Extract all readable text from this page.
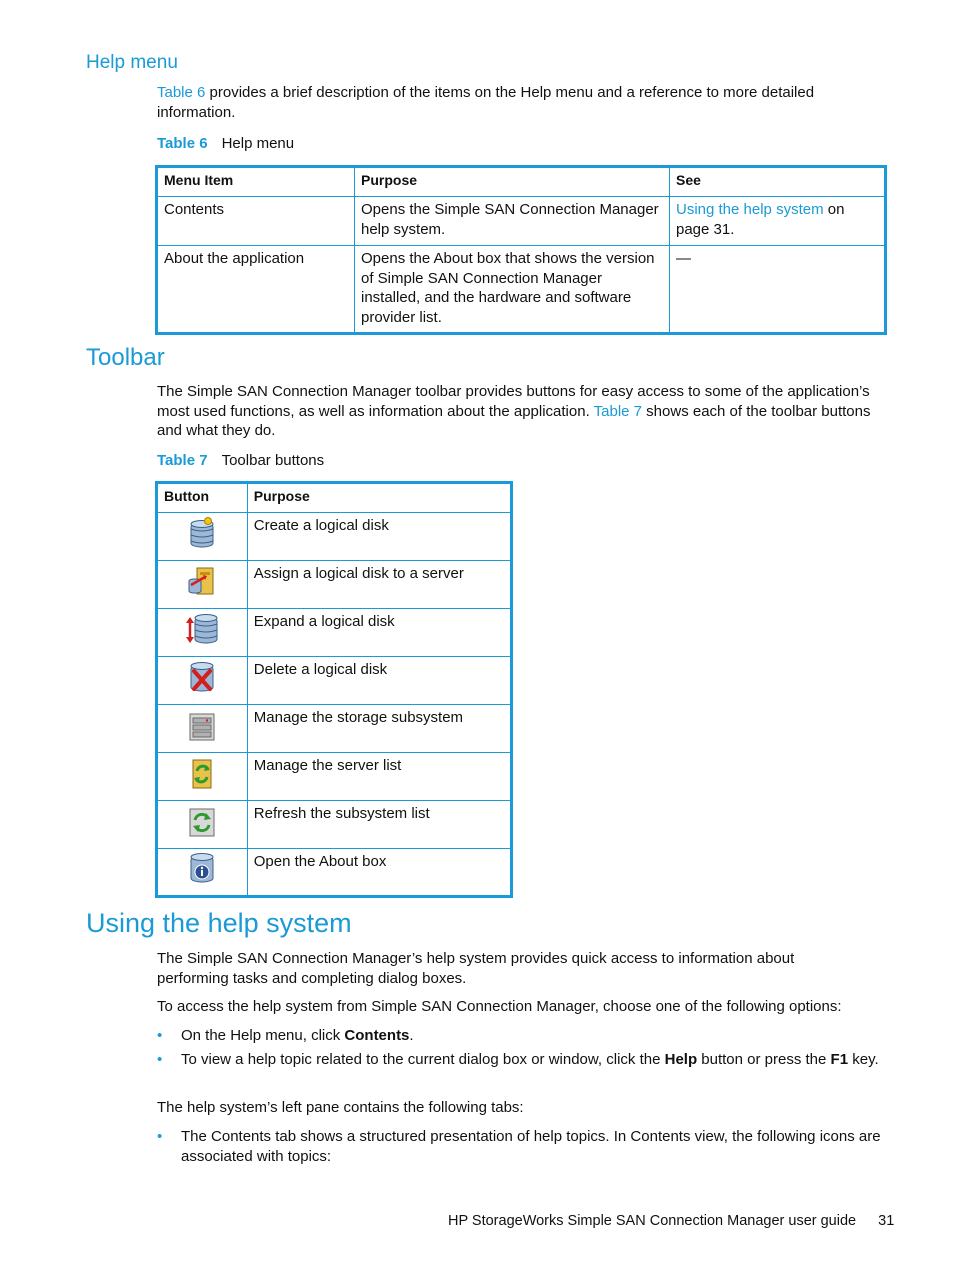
Help menu

Table 6 provides a brief description of the items on the Help menu and a reference to more detailed information.

Table 6 Help menu
Menu Item	Purpose	See
Contents	Opens the Simple SAN Connection Manager help system.	Using the help system on page 31.
About the application	Opens the About box that shows the version of Simple SAN Connection Manager installed, and the hardware and software provider list.	—
Toolbar

The Simple SAN Connection Manager toolbar provides buttons for easy access to some of the application’s most used functions, as well as information about the application. Table 7 shows each of the toolbar buttons and what they do.

Table 7 Toolbar buttons
Button	Purpose
	Create a logical disk
	Assign a logical disk to a server
	Expand a logical disk
	Delete a logical disk
	Manage the storage subsystem
	Manage the server list
	Refresh the subsystem list
	Open the About box
Using the help system

The Simple SAN Connection Manager’s help system provides quick access to information about performing tasks and completing dialog boxes.

To access the help system from Simple SAN Connection Manager, choose one of the following options:

• On the Help menu, click Contents.
• To view a help topic related to the current dialog box or window, click the Help button or press the F1 key.

The help system’s left pane contains the following tabs:

• The Contents tab shows a structured presentation of help topics. In Contents view, the following icons are associated with topics:
HP StorageWorks Simple SAN Connection Manager user guide 31
